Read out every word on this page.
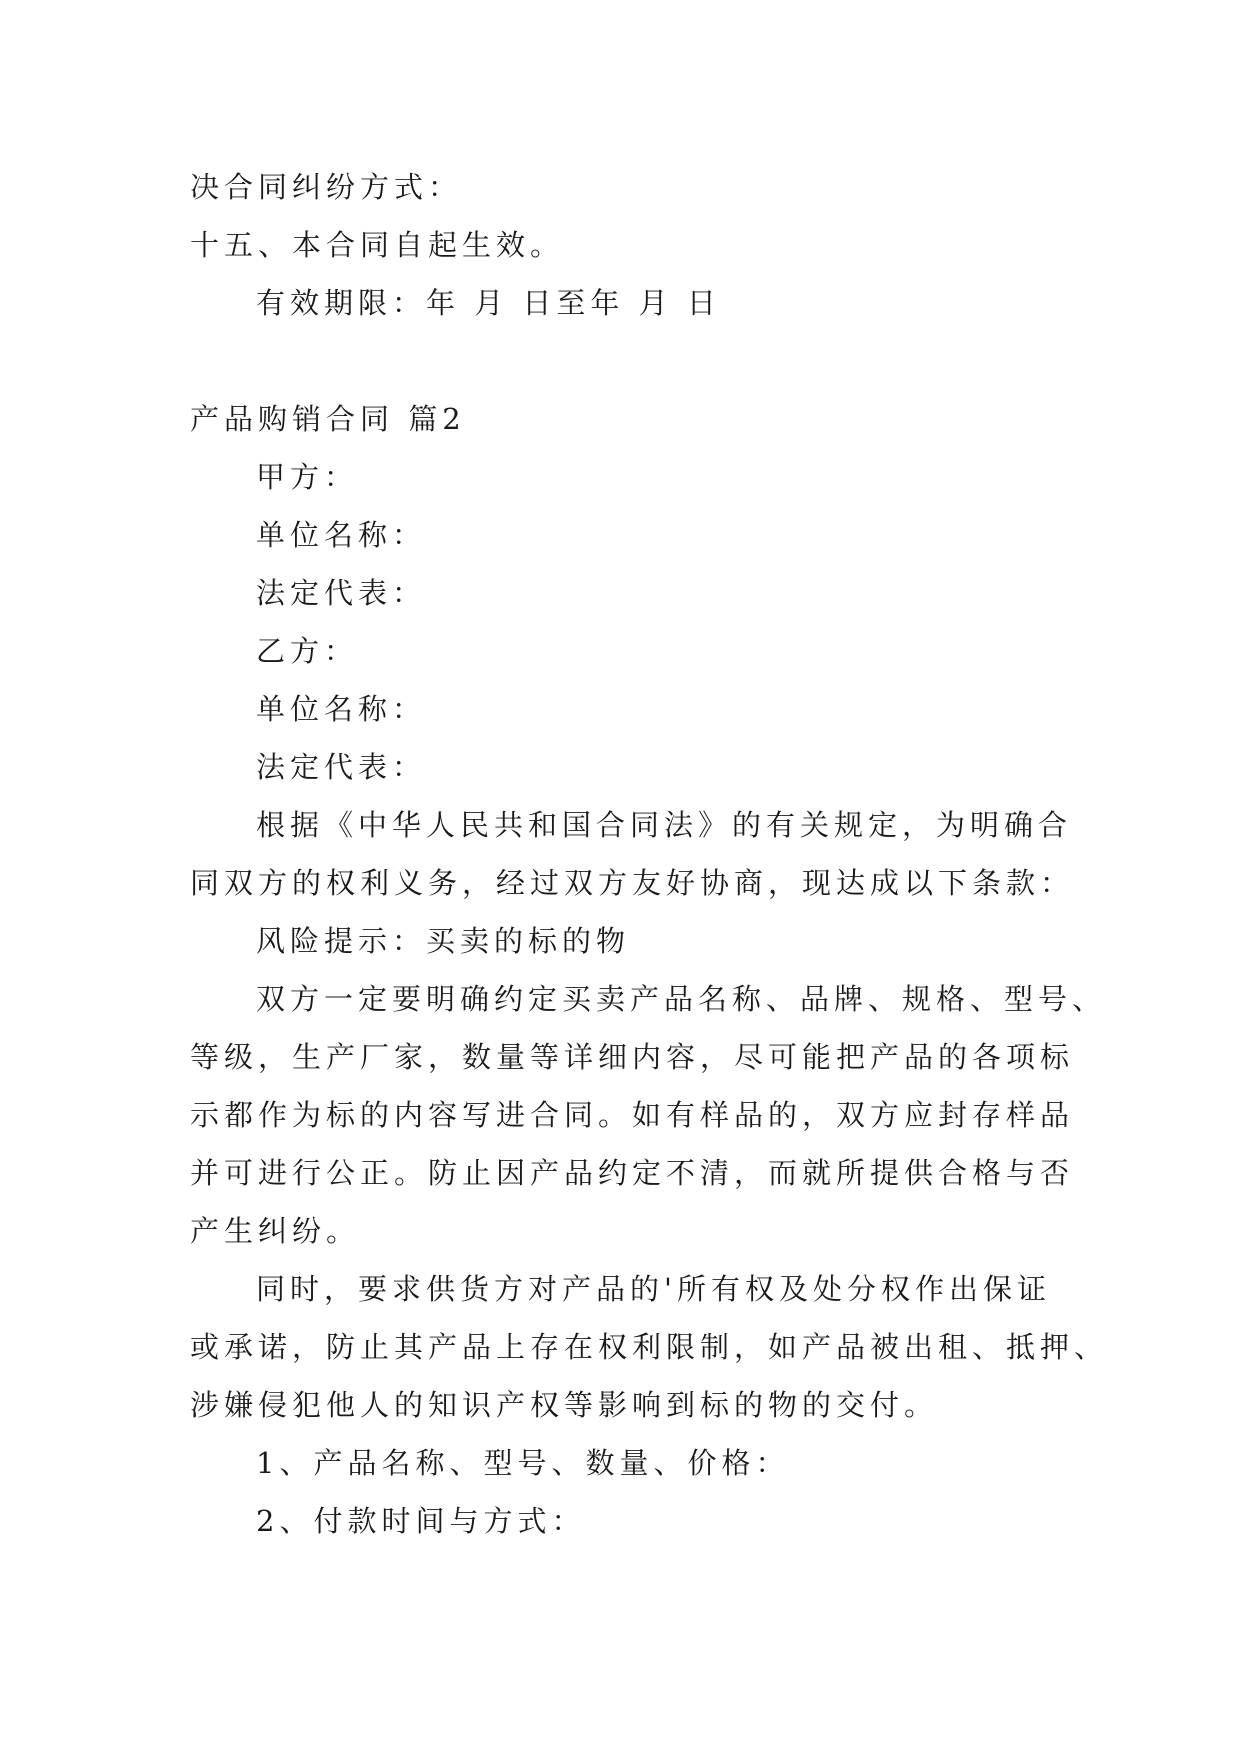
决合同纠纷方式：
十五、本合同自起生效。
有效期限：年 月 日至年 月 日
产品购销合同 篇2
甲方：
单位名称：
法定代表：
乙方：
单位名称：
法定代表：
根据《中华人民共和国合同法》的有关规定，为明确合
同双方的权利义务，经过双方友好协商，现达成以下条款：
风险提示：买卖的标的物
双方一定要明确约定买卖产品名称、品牌、规格、型号、
等级，生产厂家，数量等详细内容，尽可能把产品的各项标
示都作为标的内容写进合同。如有样品的，双方应封存样品
并可进行公正。防止因产品约定不清，而就所提供合格与否
产生纠纷。
同时，要求供货方对产品的'所有权及处分权作出保证
或承诺，防止其产品上存在权利限制，如产品被出租、抵押、
涉嫌侵犯他人的知识产权等影响到标的物的交付。
1、产品名称、型号、数量、价格：
2、付款时间与方式：
